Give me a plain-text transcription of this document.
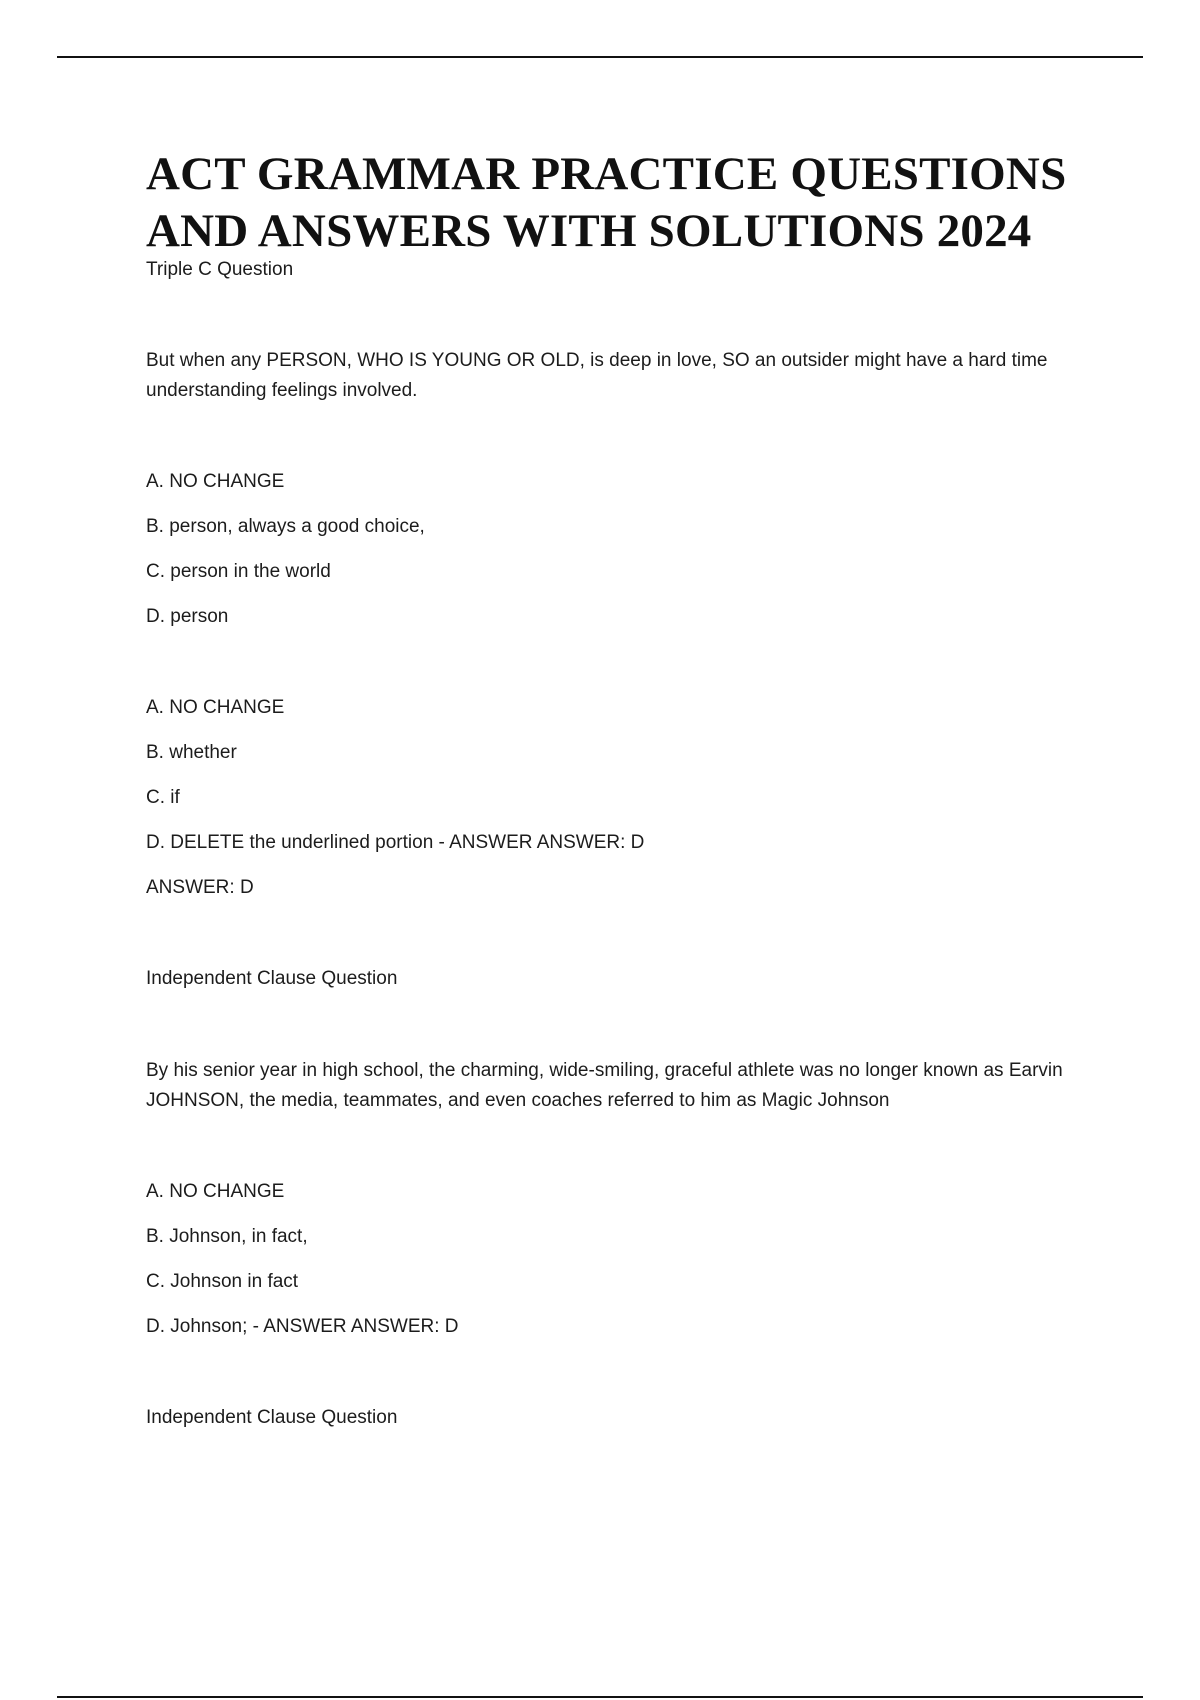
ACT GRAMMAR PRACTICE QUESTIONS AND ANSWERS WITH SOLUTIONS 2024

Triple C Question

But when any PERSON, WHO IS YOUNG OR OLD, is deep in love, SO an outsider might have a hard time understanding feelings involved.

A. NO CHANGE

B. person, always a good choice,

C. person in the world

D. person

A. NO CHANGE

B. whether

C. if

D. DELETE the underlined portion - ANSWER ANSWER: D

ANSWER: D

Independent Clause Question

By his senior year in high school, the charming, wide-smiling, graceful athlete was no longer known as Earvin JOHNSON, the media, teammates, and even coaches referred to him as Magic Johnson

A. NO CHANGE

B. Johnson, in fact,

C. Johnson in fact

D. Johnson; - ANSWER ANSWER: D

Independent Clause Question
